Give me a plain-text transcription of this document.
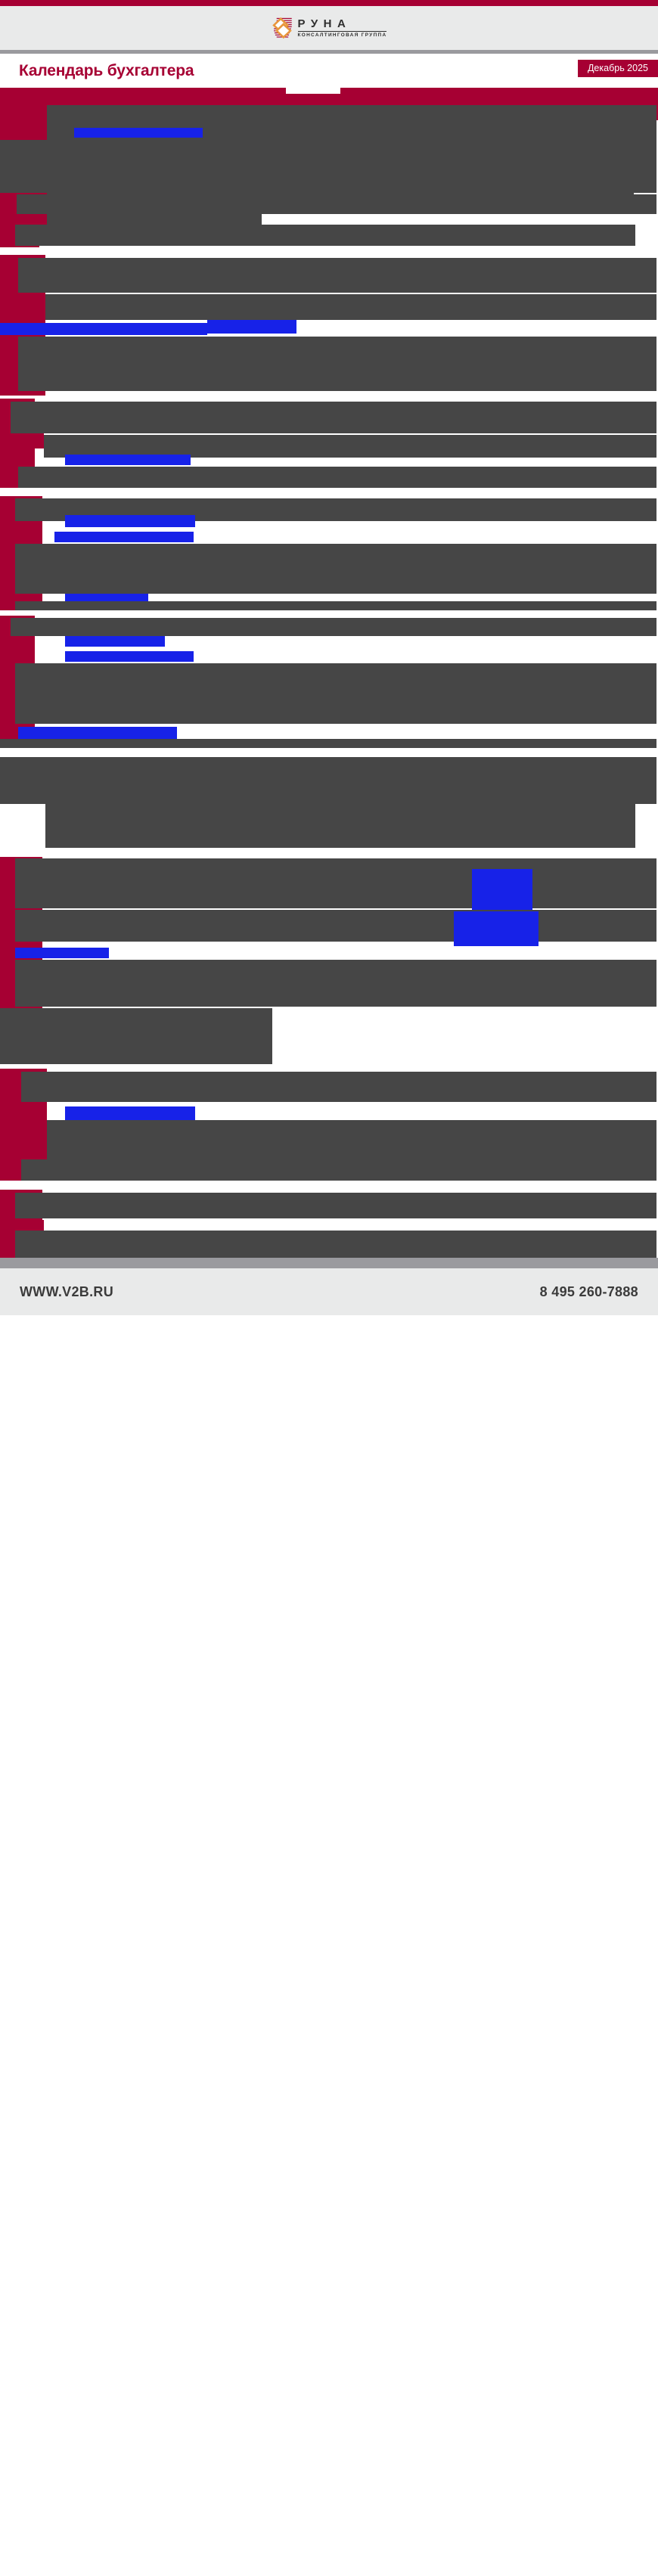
РУНА
КОНСАЛТИНГОВАЯ ГРУППА
Календарь бухгалтера	Декабрь 2025
WWW.V2B.RU	8 495 260-7888
